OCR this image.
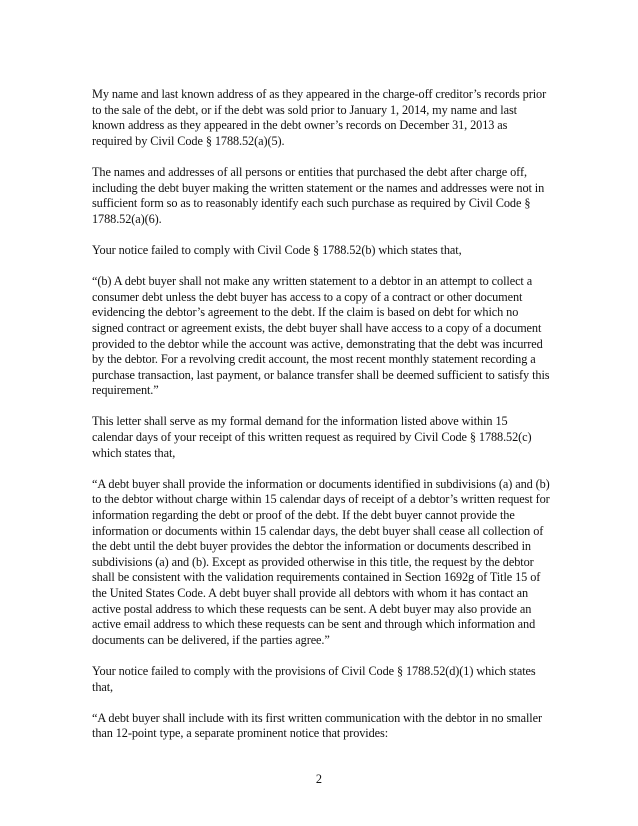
My name and last known address of as they appeared in the charge-off creditor’s records prior to the sale of the debt, or if the debt was sold prior to January 1, 2014, my name and last known address as they appeared in the debt owner’s records on December 31, 2013 as required by Civil Code § 1788.52(a)(5).

The names and addresses of all persons or entities that purchased the debt after charge off, including the debt buyer making the written statement or the names and addresses were not in sufficient form so as to reasonably identify each such purchase as required by Civil Code § 1788.52(a)(6).

Your notice failed to comply with Civil Code § 1788.52(b) which states that,

“(b) A debt buyer shall not make any written statement to a debtor in an attempt to collect a consumer debt unless the debt buyer has access to a copy of a contract or other document evidencing the debtor’s agreement to the debt. If the claim is based on debt for which no signed contract or agreement exists, the debt buyer shall have access to a copy of a document provided to the debtor while the account was active, demonstrating that the debt was incurred by the debtor. For a revolving credit account, the most recent monthly statement recording a purchase transaction, last payment, or balance transfer shall be deemed sufficient to satisfy this requirement.”

This letter shall serve as my formal demand for the information listed above within 15 calendar days of your receipt of this written request as required by Civil Code § 1788.52(c) which states that,

“A debt buyer shall provide the information or documents identified in subdivisions (a) and (b) to the debtor without charge within 15 calendar days of receipt of a debtor’s written request for information regarding the debt or proof of the debt. If the debt buyer cannot provide the information or documents within 15 calendar days, the debt buyer shall cease all collection of the debt until the debt buyer provides the debtor the information or documents described in subdivisions (a) and (b). Except as provided otherwise in this title, the request by the debtor shall be consistent with the validation requirements contained in Section 1692g of Title 15 of the United States Code. A debt buyer shall provide all debtors with whom it has contact an active postal address to which these requests can be sent. A debt buyer may also provide an active email address to which these requests can be sent and through which information and documents can be delivered, if the parties agree.”

Your notice failed to comply with the provisions of Civil Code § 1788.52(d)(1) which states that,

“A debt buyer shall include with its first written communication with the debtor in no smaller than 12-point type, a separate prominent notice that provides:

2
